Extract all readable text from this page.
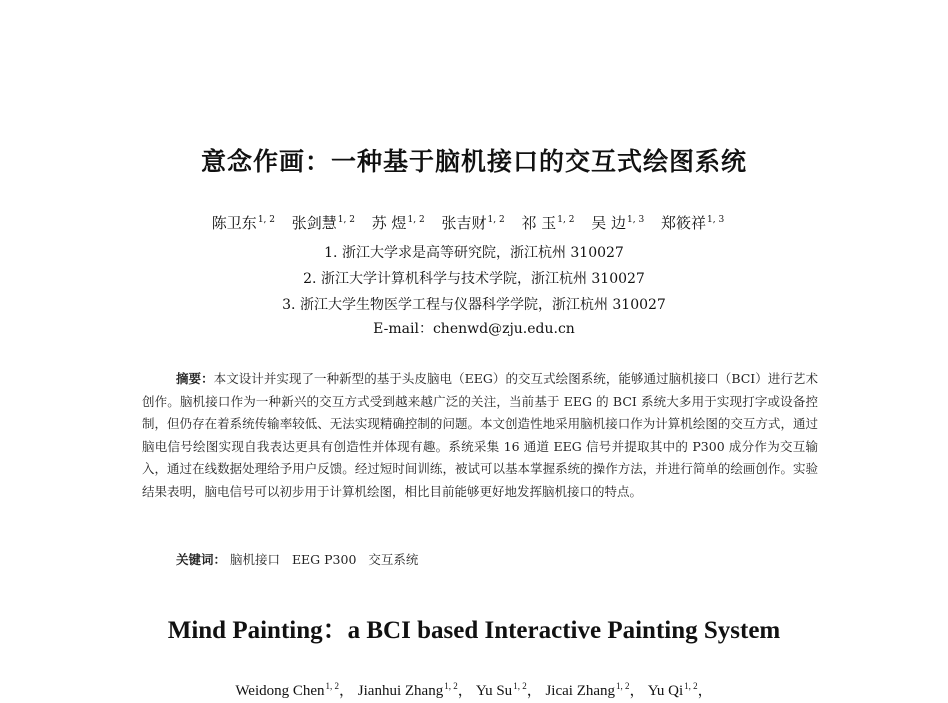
意念作画：一种基于脑机接口的交互式绘图系统
陈卫东$^{1, 2}$ 张剑慧$^{1, 2}$ 苏 煜$^{1, 2}$ 张吉财$^{1, 2}$ 祁 玉$^{1, 2}$ 吴 边$^{1, 3}$ 郑筱祥$^{1, 3}$
1. 浙江大学求是高等研究院，浙江杭州 310027
2. 浙江大学计算机科学与技术学院，浙江杭州 310027
3. 浙江大学生物医学工程与仪器科学学院，浙江杭州 310027
E-mail：chenwd@zju.edu.cn
摘要：本文设计并实现了一种新型的基于头皮脑电（EEG）的交互式绘图系统，能够通过脑机接口（BCI）进行艺术创作。脑机接口作为一种新兴的交互方式受到越来越广泛的关注，当前基于 EEG 的 BCI 系统大多用于实现打字或设备控制，但仍存在着系统传输率较低、无法实现精确控制的问题。本文创造性地采用脑机接口作为计算机绘图的交互方式，通过脑电信号绘图实现自我表达更具有创造性并体现有趣。系统采集 16 通道 EEG 信号并提取其中的 P300 成分作为交互输入，通过在线数据处理给予用户反馈。经过短时间训练，被试可以基本掌握系统的操作方法，并进行简单的绘画创作。实验结果表明，脑电信号可以初步用于计算机绘图，相比目前能够更好地发挥脑机接口的特点。
关键词： 脑机接口 EEG P300 交互系统
Mind Painting：a BCI based Interactive Painting System
Weidong Chen$^{1, 2}$， Jianhui Zhang$^{1, 2}$， Yu Su$^{1, 2}$， Jicai Zhang$^{1, 2}$， Yu Qi$^{1, 2}$，
